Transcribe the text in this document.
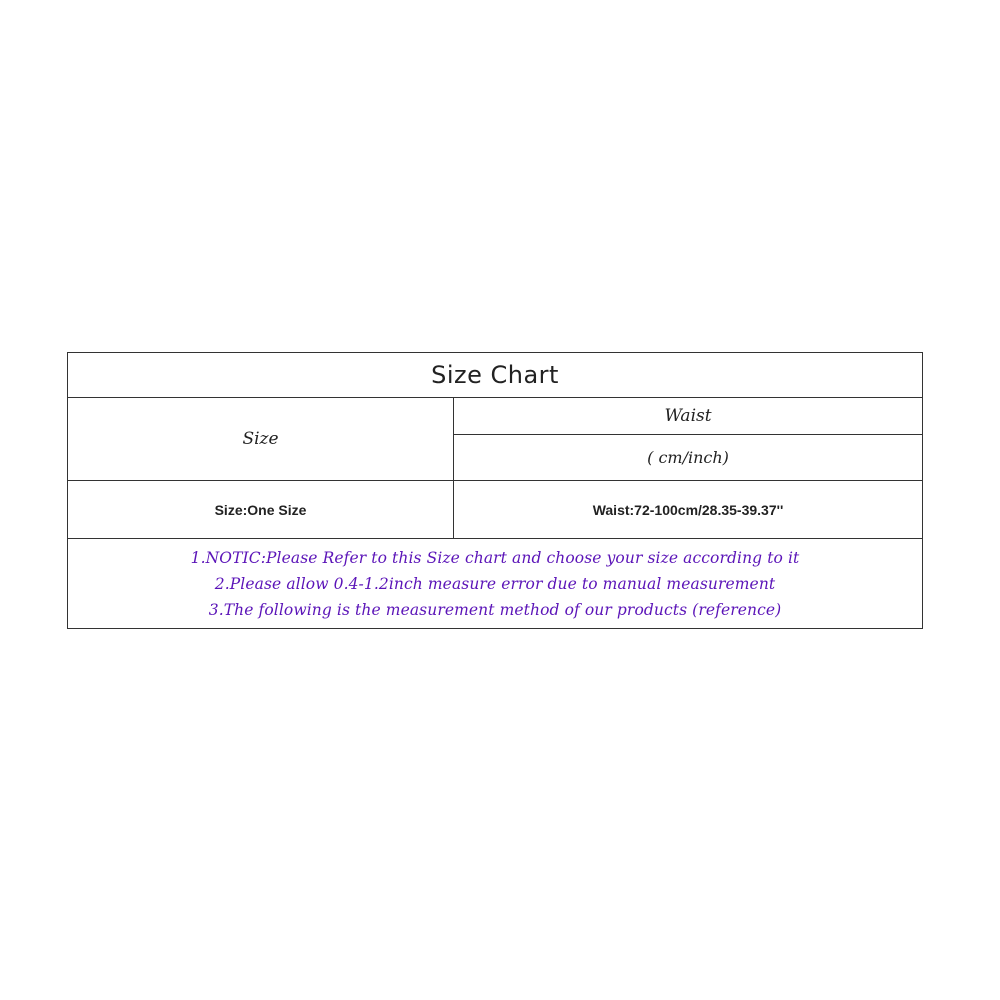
Size Chart	
Size	Waist
	( cm/inch)
Size:One Size	Waist:72-100cm/28.35-39.37''

1.NOTIC:Please Refer to this Size chart and choose your size according to it
2.Please allow 0.4-1.2inch measure error due to manual measurement
3.The following is the measurement method of our products (reference)	
